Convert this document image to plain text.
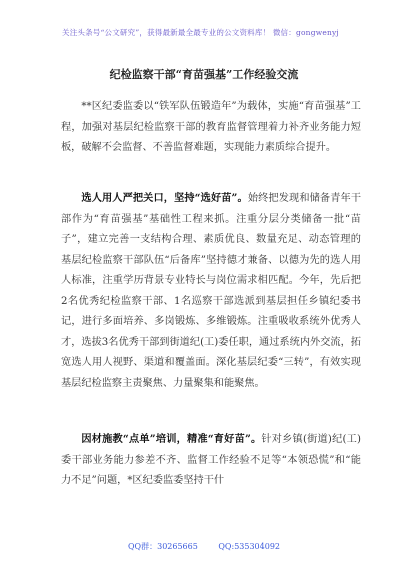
关注头条号“公文研究”，获得最新最全最专业的公文资料库！ 微信：gongwenyj
纪检监察干部“育苗强基”工作经验交流

**区纪委监委以“铁军队伍锻造年”为载体，实施“育苗强基”工程，加强对基层纪检监察干部的教育监督管理着力补齐业务能力短板，破解不会监督、不善监督难题，实现能力素质综合提升。

选人用人严把关口，坚持“选好苗”。始终把发现和储备青年干部作为“育苗强基”基础性工程来抓。注重分层分类储备一批“苗子”，建立完善一支结构合理、素质优良、数量充足、动态管理的基层纪检监察干部队伍“后备库”坚持德才兼备、以德为先的选人用人标准，注重学历背景专业特长与岗位需求相匹配。今年，先后把2名优秀纪检监察干部、1名巡察干部选派到基层担任乡镇纪委书记，进行多面培养、多岗锻炼、多维锻炼。注重吸收系统外优秀人才，选拔3名优秀干部到街道纪(工)委任职，通过系统内外交流，拓宽选人用人视野、渠道和覆盖面。深化基层纪委“三转”，有效实现基层纪检监察主责聚焦、力量聚集和能聚焦。

因材施教“点单”培训，精准“育好苗”。针对乡镇(街道)纪(工)委干部业务能力参差不齐、监督工作经验不足等“本领恐慌”和“能力不足”问题，*区纪委监委坚持干什

QQ群：30265665	QQ:535304092
